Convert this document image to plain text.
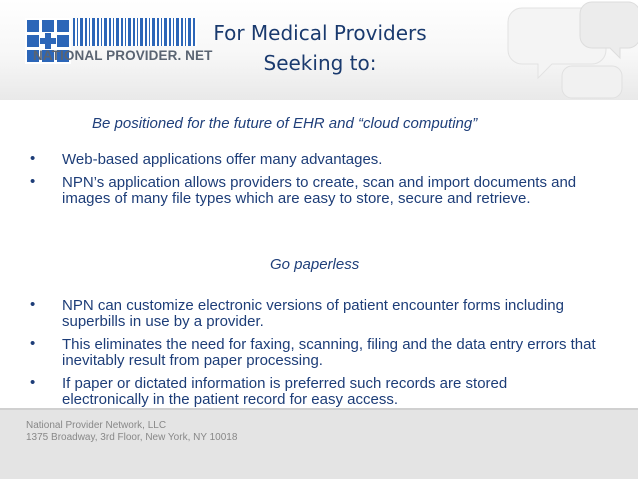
NATIONAL PROVIDER. NET
For Medical Providers
Seeking to:
Be positioned for the future of EHR and “cloud computing”
• Web-based applications offer many advantages.
• NPN’s application allows providers to create, scan and import documents and images of many file types which are easy to store, secure and retrieve.
Go paperless
• NPN can customize electronic versions of patient encounter forms including superbills in use by a provider.
• This eliminates the need for faxing, scanning, filing and the data entry errors that inevitably result from paper processing.
• If paper or dictated information is preferred such records are stored electronically in the patient record for easy access.
National Provider Network, LLC
1375 Broadway, 3rd Floor, New York, NY 10018
